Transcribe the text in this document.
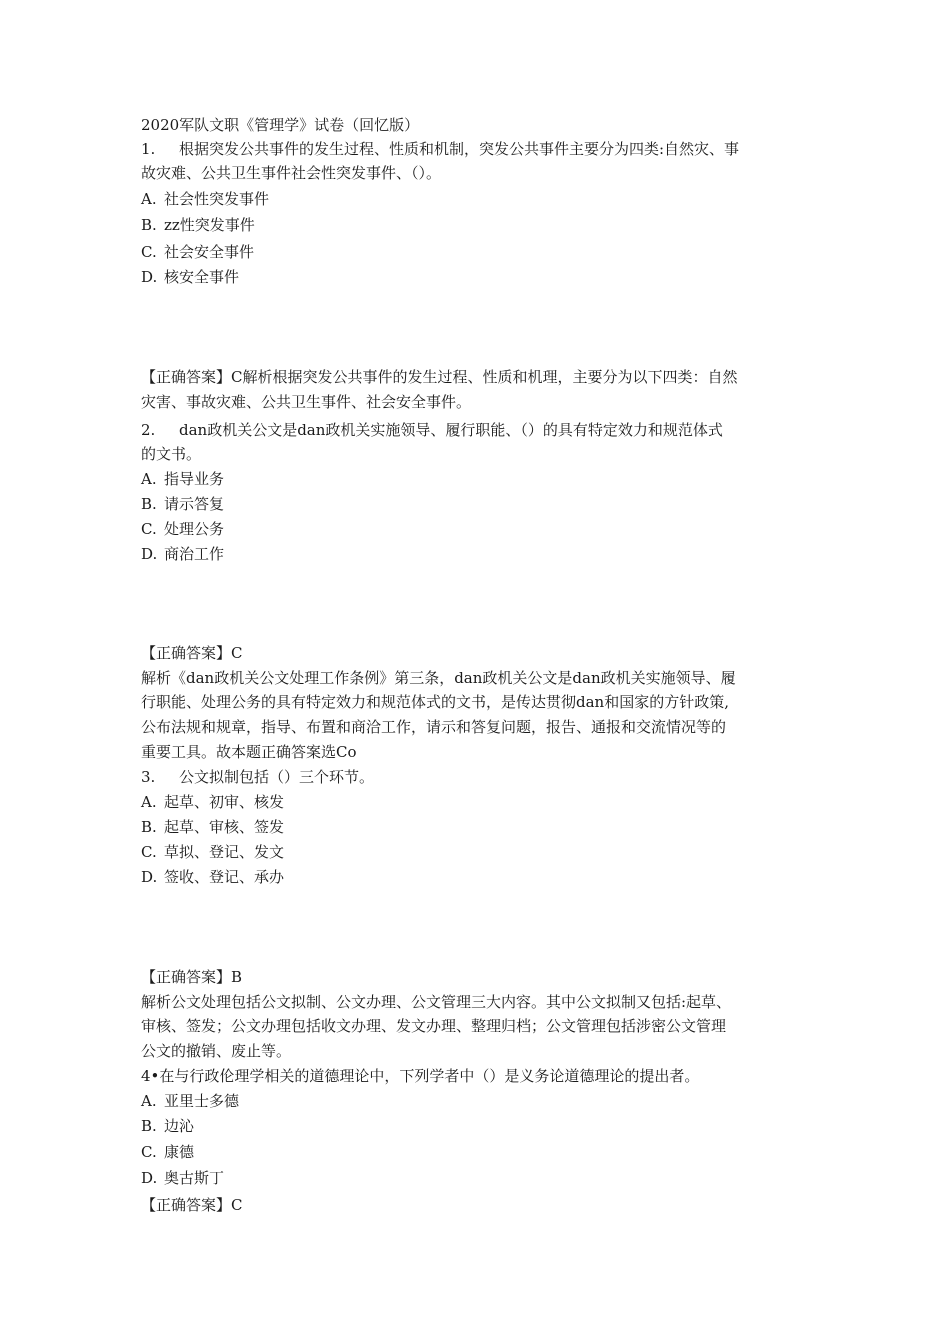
2020军队文职《管理学》试卷（回忆版）
1. 根据突发公共事件的发生过程、性质和机制，突发公共事件主要分为四类:自然灾、事
故灾难、公共卫生事件社会性突发事件、（）。
A. 社会性突发事件
B. zz性突发事件
C. 社会安全事件
D. 核安全事件
【正确答案】C解析根据突发公共事件的发生过程、性质和机理，主要分为以下四类：自然
灾害、事故灾难、公共卫生事件、社会安全事件。
2. dan政机关公文是dan政机关实施领导、履行职能、（）的具有特定效力和规范体式
的文书。
A. 指导业务
B. 请示答复
C. 处理公务
D. 商治工作
【正确答案】C
解析《dan政机关公文处理工作条例》第三条，dan政机关公文是dan政机关实施领导、履
行职能、处理公务的具有特定效力和规范体式的文书，是传达贯彻dan和国家的方针政策,
公布法规和规章，指导、布置和商洽工作，请示和答复问题，报告、通报和交流情况等的
重要工具。故本题正确答案选Co
3. 公文拟制包括（）三个环节。
A. 起草、初审、核发
B. 起草、审核、签发
C. 草拟、登记、发文
D. 签收、登记、承办
【正确答案】B
解析公文处理包括公文拟制、公文办理、公文管理三大内容。其中公文拟制又包括:起草、
审核、签发；公文办理包括收文办理、发文办理、整理归档；公文管理包括涉密公文管理
公文的撤销、废止等。
4•在与行政伦理学相关的道德理论中，下列学者中（）是义务论道德理论的提出者。
A. 亚里士多德
B. 边沁
C. 康德
D. 奥古斯丁
【正确答案】C
